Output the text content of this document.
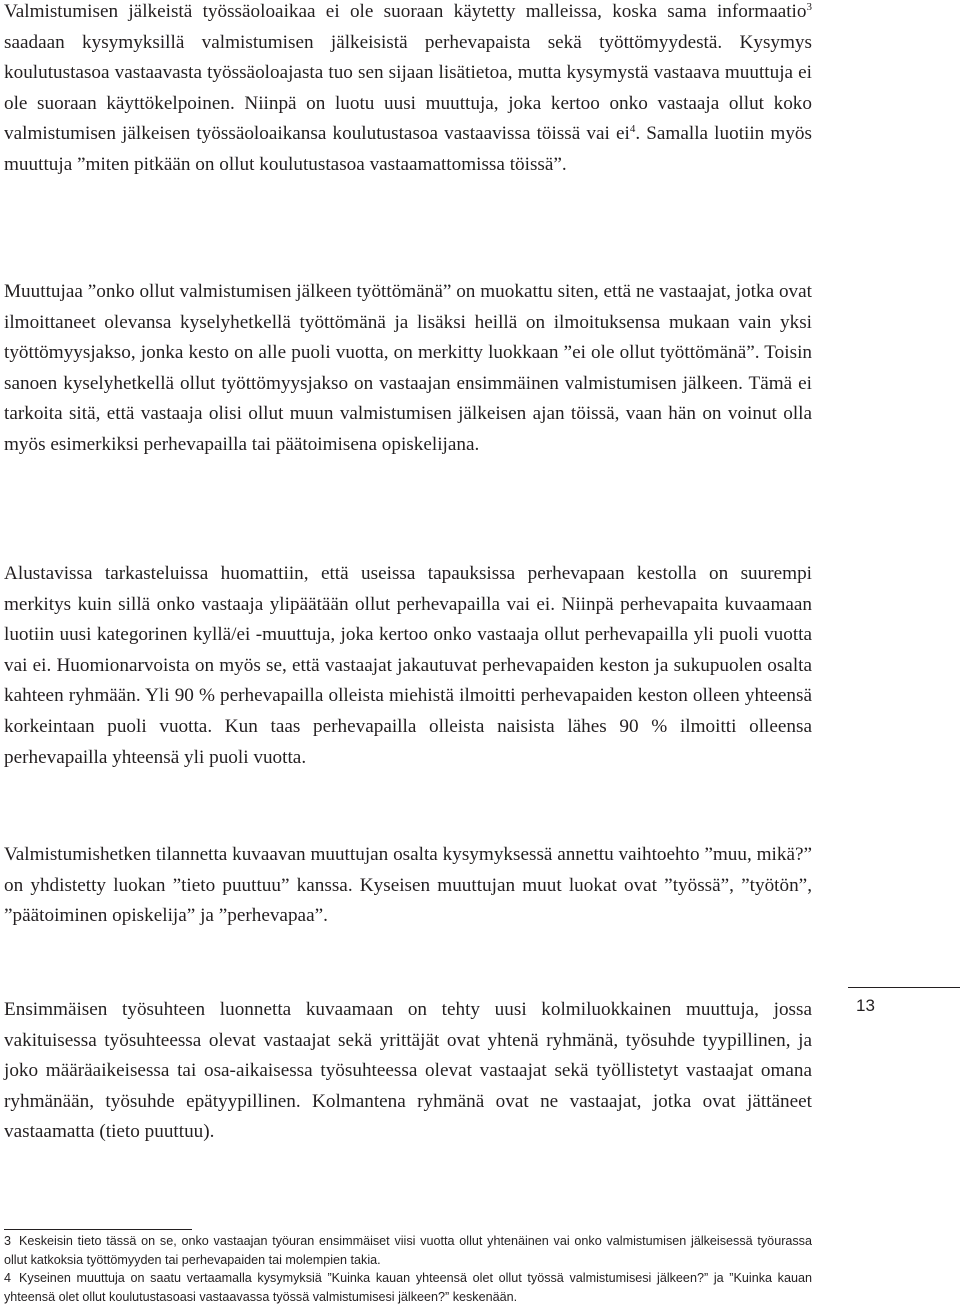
Valmistumisen jälkeistä työssäoloaikaa ei ole suoraan käytetty malleissa, koska sama informaatio$^3$ saadaan kysymyksillä valmistumisen jälkeisistä perhevapaista sekä työttömyydestä. Kysymys koulutustasoa vastaavasta työssäoloajasta tuo sen sijaan lisätietoa, mutta kysymystä vastaava muuttuja ei ole suoraan käyttökelpoinen. Niinpä on luotu uusi muuttuja, joka kertoo onko vastaaja ollut koko valmistumisen jälkeisen työssäoloaikansa koulutustasoa vastaavissa töissä vai $ei^4$. Samalla luotiin myös muuttuja ”miten pitkään on ollut koulutustasoa vastaamattomissa töissä”.

Muuttujaa ”onko ollut valmistumisen jälkeen työttömänä” on muokattu siten, että ne vastaajat, jotka ovat ilmoittaneet olevansa kyselyhetkellä työttömänä ja lisäksi heillä on ilmoituksensa mukaan vain yksi työttömyysjakso, jonka kesto on alle puoli vuotta, on merkitty luokkaan ”ei ole ollut työttömänä”. Toisin sanoen kyselyhetkellä ollut työttömyysjakso on vastaajan ensimmäinen valmistumisen jälkeen. Tämä ei tarkoita sitä, että vastaaja olisi ollut muun valmistumisen jälkeisen ajan töissä, vaan hän on voinut olla myös esimerkiksi perhevapailla tai päätoimisena opiskelijana.

Alustavissa tarkasteluissa huomattiin, että useissa tapauksissa perhevapaan kestolla on suurempi merkitys kuin sillä onko vastaaja ylipäätään ollut perhevapailla vai ei. Niinpä perhevapaita kuvaamaan luotiin uusi kategorinen kyllä/ei -muuttuja, joka kertoo onko vastaaja ollut perhevapailla yli puoli vuotta vai ei. Huomionarvoista on myös se, että vastaajat jakautuvat perhevapaiden keston ja sukupuolen osalta kahteen ryhmään. Yli 90 % perhevapailla olleista miehistä ilmoitti perhevapaiden keston olleen yhteensä korkeintaan puoli vuotta. Kun taas perhevapailla olleista naisista lähes 90 % ilmoitti olleensa perhevapailla yhteensä yli puoli vuotta.

Valmistumishetken tilannetta kuvaavan muuttujan osalta kysymyksessä annettu vaihtoehto ”muu, mikä?” on yhdistetty luokan ”tieto puuttuu” kanssa. Kyseisen muuttujan muut luokat ovat ”työssä”, ”työtön”, ”päätoiminen opiskelija” ja ”perhevapaa”.

Ensimmäisen työsuhteen luonnetta kuvaamaan on tehty uusi kolmiluokkainen muuttuja, jossa vakituisessa työsuhteessa olevat vastaajat sekä yrittäjät ovat yhtenä ryhmänä, työsuhde tyypillinen, ja joko määräaikeisessa tai osa-aikaisessa työsuhteessa olevat vastaajat sekä työllistetyt vastaajat omana ryhmänään, työsuhde epätyypillinen. Kolmantena ryhmänä ovat ne vastaajat, jotka ovat jättäneet vastaamatta (tieto puuttuu).

13

3 Keskeisin tieto tässä on se, onko vastaajan työuran ensimmäiset viisi vuotta ollut yhtenäinen vai onko valmistumisen jälkeisessä työurassa ollut katkoksia työttömyyden tai perhevapaiden tai molempien takia.

4 Kyseinen muuttuja on saatu vertaamalla kysymyksiä ”Kuinka kauan yhteensä olet ollut työssä valmistumisesi jälkeen?” ja ”Kuinka kauan yhteensä olet ollut koulutustasoasi vastaavassa työssä valmistumisesi jälkeen?” keskenään.
